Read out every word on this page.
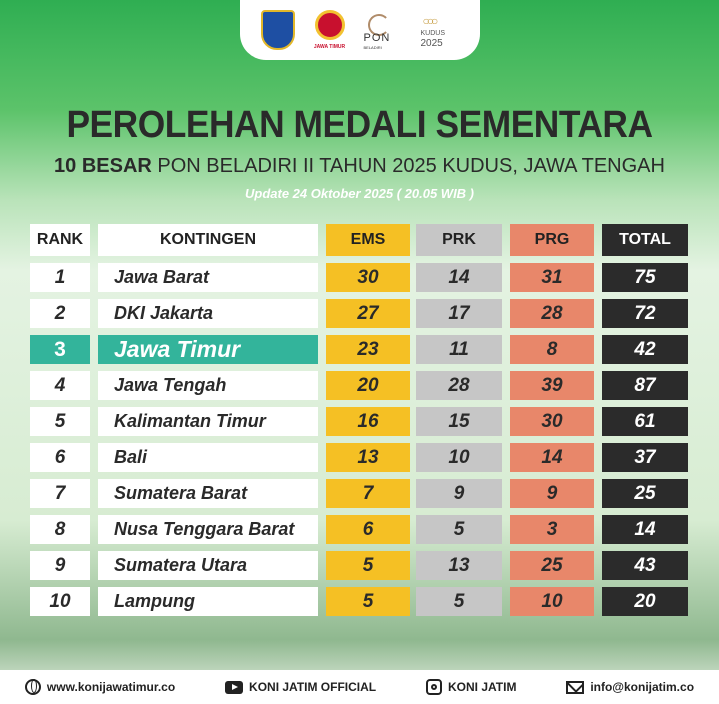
JAWA TIMUR
PON
BELADIRI
○○○
KUDUS
2025
PEROLEHAN MEDALI SEMENTARA
10 BESAR PON BELADIRI II TAHUN 2025 KUDUS, JAWA TENGAH
Update 24 Oktober 2025 ( 20.05 WIB )
RANK	KONTINGEN	EMS	PRK	PRG	TOTAL
1	Jawa Barat	30	14	31	75
2	DKI Jakarta	27	17	28	72
3	Jawa Timur	23	11	8	42
4	Jawa Tengah	20	28	39	87
5	Kalimantan Timur	16	15	30	61
6	Bali	13	10	14	37
7	Sumatera Barat	7	9	9	25
8	Nusa Tenggara Barat	6	5	3	14
9	Sumatera Utara	5	13	25	43
10	Lampung	5	5	10	20
www.konijawatimur.co	KONI JATIM OFFICIAL	KONI JATIM	info@konijatim.co
